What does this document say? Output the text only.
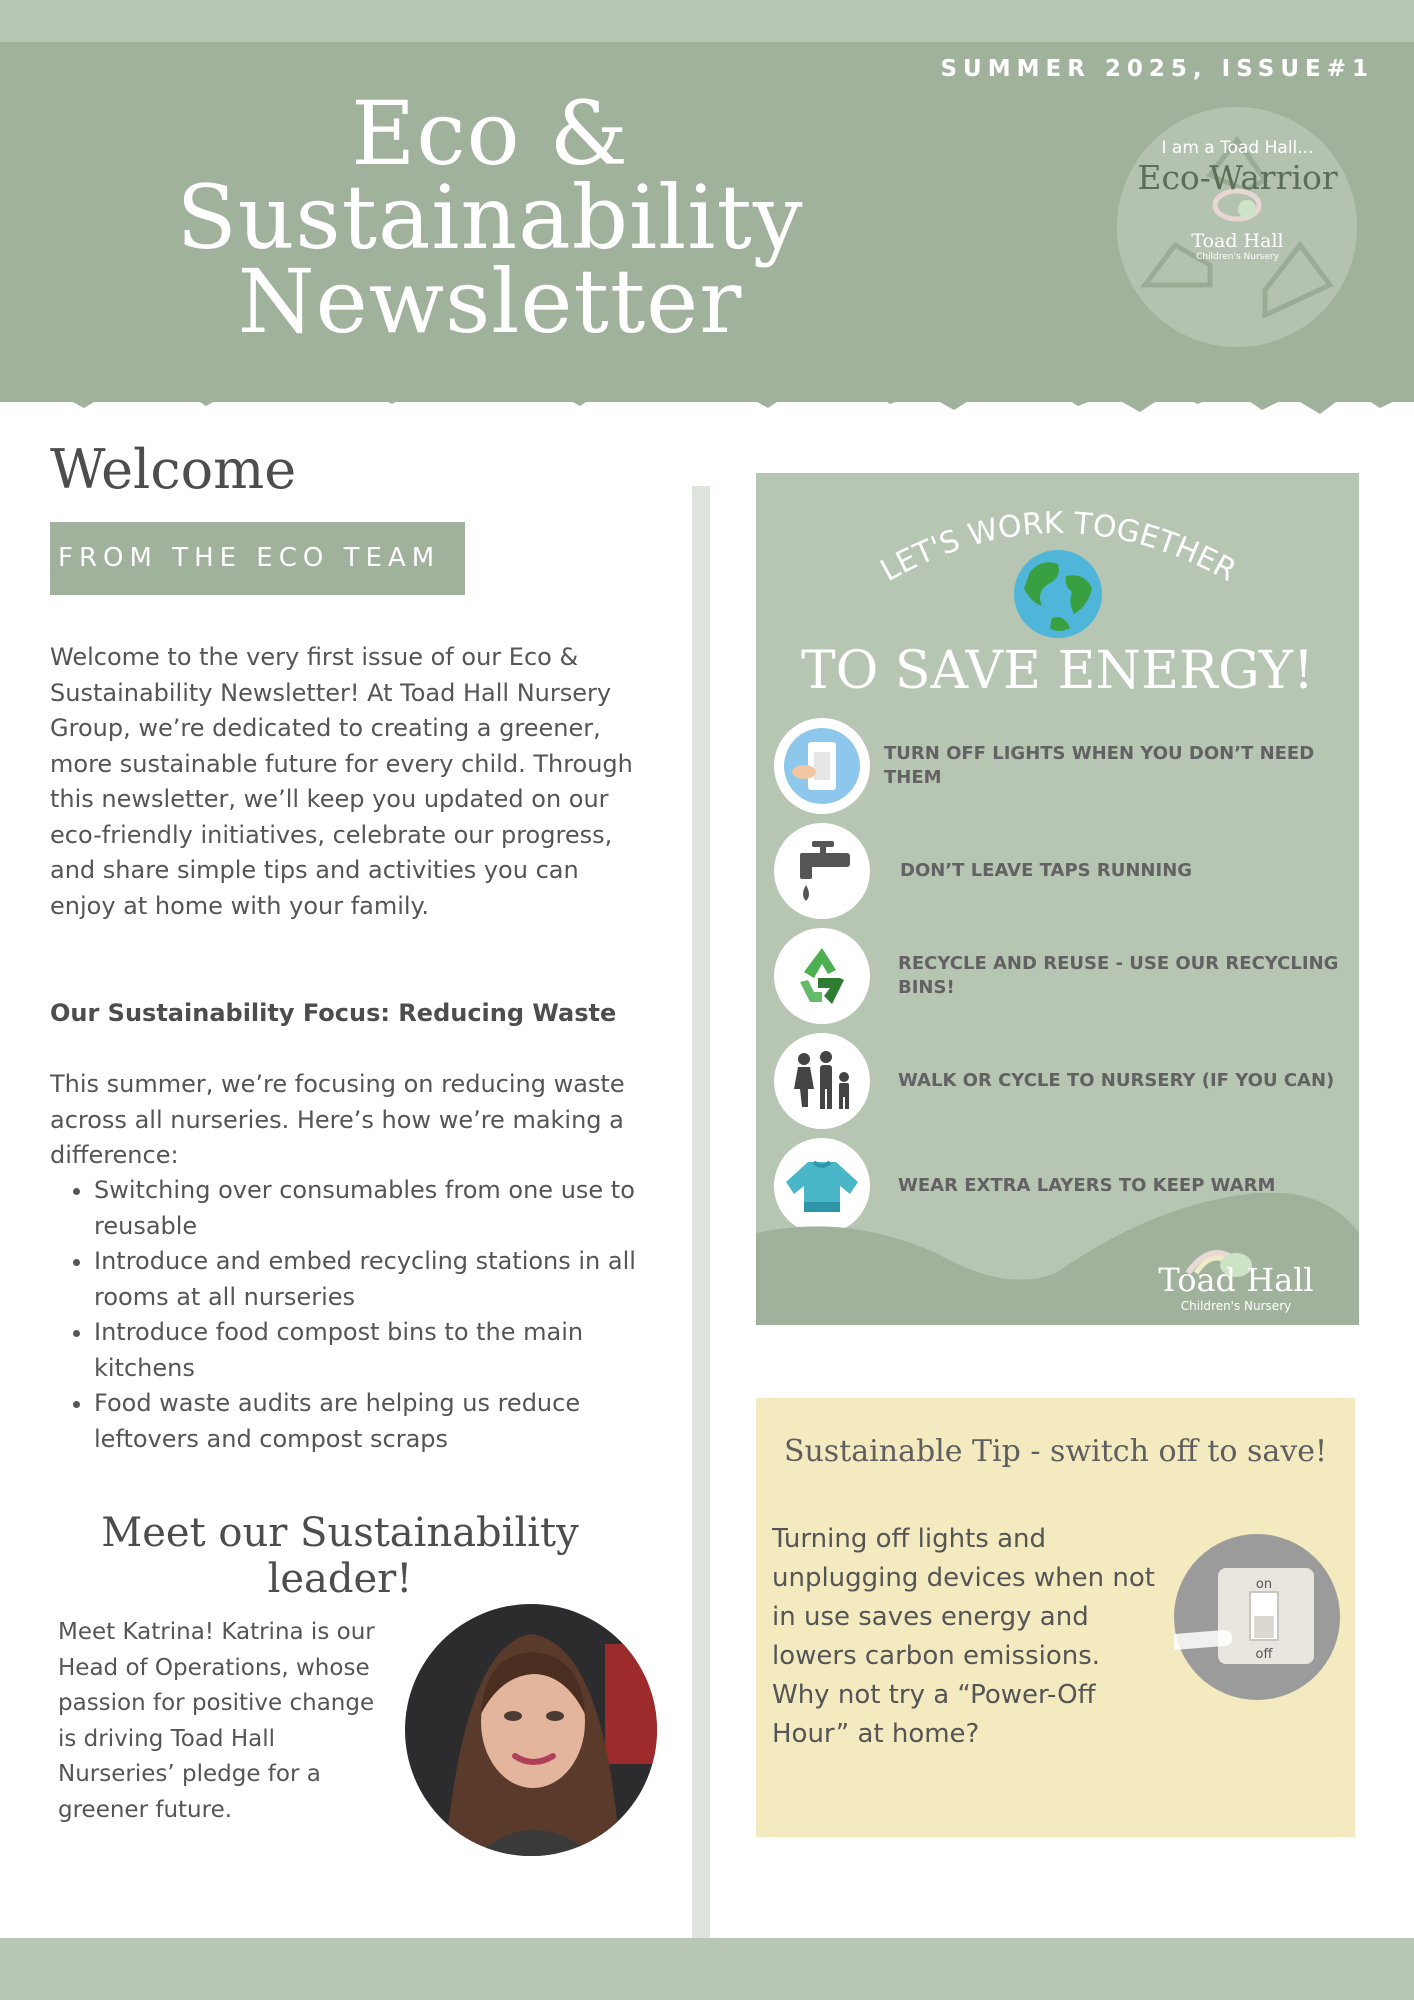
SUMMER 2025, ISSUE#1
Eco & Sustainability
Newsletter
I am a Toad Hall...
Eco-Warrior
Toad Hall
Children's Nursery
Welcome
FROM THE ECO TEAM
Welcome to the very first issue of our Eco & Sustainability Newsletter! At Toad Hall Nursery Group, we’re dedicated to creating a greener, more sustainable future for every child. Through this newsletter, we’ll keep you updated on our eco-friendly initiatives, celebrate our progress, and share simple tips and activities you can enjoy at home with your family.
Our Sustainability Focus: Reducing Waste
This summer, we’re focusing on reducing waste across all nurseries. Here’s how we’re making a difference:
• Switching over consumables from one use to reusable
• Introduce and embed recycling stations in all rooms at all nurseries
• Introduce food compost bins to the main kitchens
• Food waste audits are helping us reduce leftovers and compost scraps
Meet our Sustainability leader!
Meet Katrina! Katrina is our Head of Operations, whose passion for positive change is driving Toad Hall Nurseries’ pledge for a greener future.
LET'S WORK TOGETHER
TO SAVE ENERGY!
TURN OFF LIGHTS WHEN YOU DON’T NEED THEM
DON’T LEAVE TAPS RUNNING
RECYCLE AND REUSE - USE OUR RECYCLING BINS!
WALK OR CYCLE TO NURSERY (IF YOU CAN)
WEAR EXTRA LAYERS TO KEEP WARM
Toad Hall
Children's Nursery
Sustainable Tip - switch off to save!
Turning off lights and unplugging devices when not in use saves energy and lowers carbon emissions. Why not try a “Power-Off Hour” at home?
on
off
